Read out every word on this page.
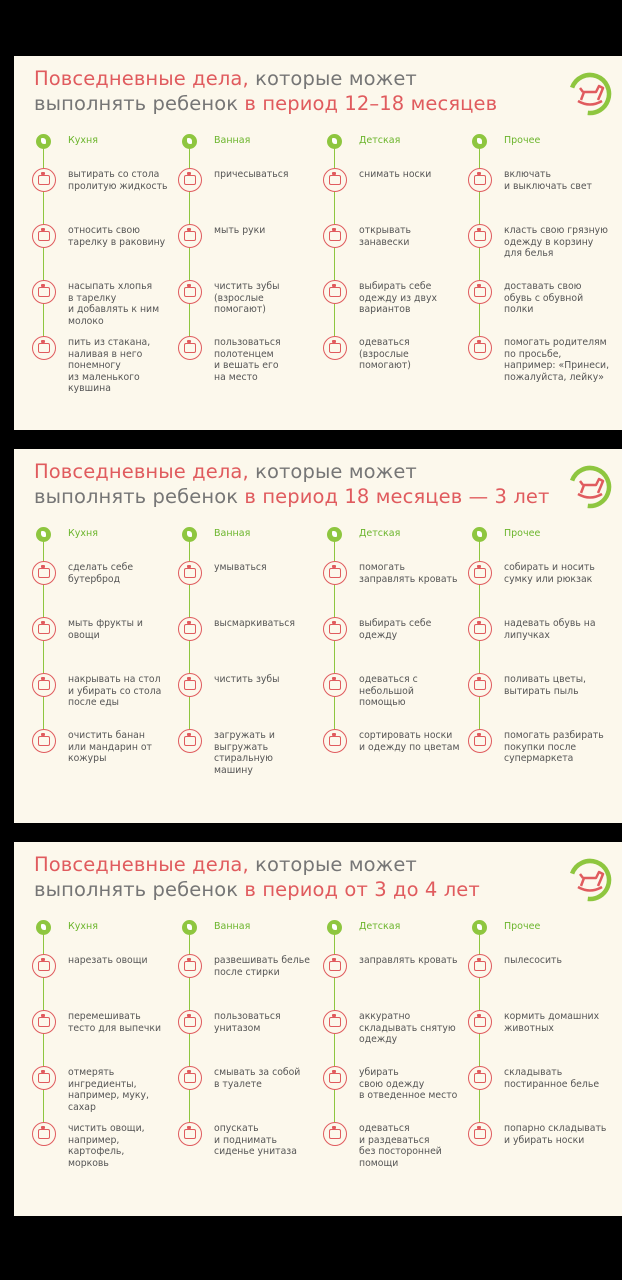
Повседневные дела, которые может
выполнять ребенок в период 12–18 месяцев
Кухня
вытирать со стола
пролитую жидкость
относить свою
тарелку в раковину
насыпать хлопья
в тарелку
и добавлять к ним
молоко
пить из стакана,
наливая в него
понемногу
из маленького
кувшина
Ванная
причесываться
мыть руки
чистить зубы
(взрослые
помогают)
пользоваться
полотенцем
и вешать его
на место
Детская
снимать носки
открывать
занавески
выбирать себе
одежду из двух
вариантов
одеваться
(взрослые
помогают)
Прочее
включать
и выключать свет
класть свою грязную
одежду в корзину
для белья
доставать свою
обувь с обувной
полки
помогать родителям
по просьбе,
например: «Принеси,
пожалуйста, лейку»
Повседневные дела, которые может
выполнять ребенок в период 18 месяцев — 3 лет
Кухня
сделать себе
бутерброд
мыть фрукты и
овощи
накрывать на стол
и убирать со стола
после еды
очистить банан
или мандарин от
кожуры
Ванная
умываться
высмаркиваться
чистить зубы
загружать и
выгружать
стиральную
машину
Детская
помогать
заправлять кровать
выбирать себе
одежду
одеваться с
небольшой
помощью
сортировать носки
и одежду по цветам
Прочее
собирать и носить
сумку или рюкзак
надевать обувь на
липучках
поливать цветы,
вытирать пыль
помогать разбирать
покупки после
супермаркета
Повседневные дела, которые может
выполнять ребенок в период от 3 до 4 лет
Кухня
нарезать овощи
перемешивать
тесто для выпечки
отмерять
ингредиенты,
например, муку,
сахар
чистить овощи,
например,
картофель,
морковь
Ванная
развешивать белье
после стирки
пользоваться
унитазом
смывать за собой
в туалете
опускать
и поднимать
сиденье унитаза
Детская
заправлять кровать
аккуратно
складывать снятую
одежду
убирать
свою одежду
в отведенное место
одеваться
и раздеваться
без посторонней
помощи
Прочее
пылесосить
кормить домашних
животных
складывать
постиранное белье
попарно складывать
и убирать носки
